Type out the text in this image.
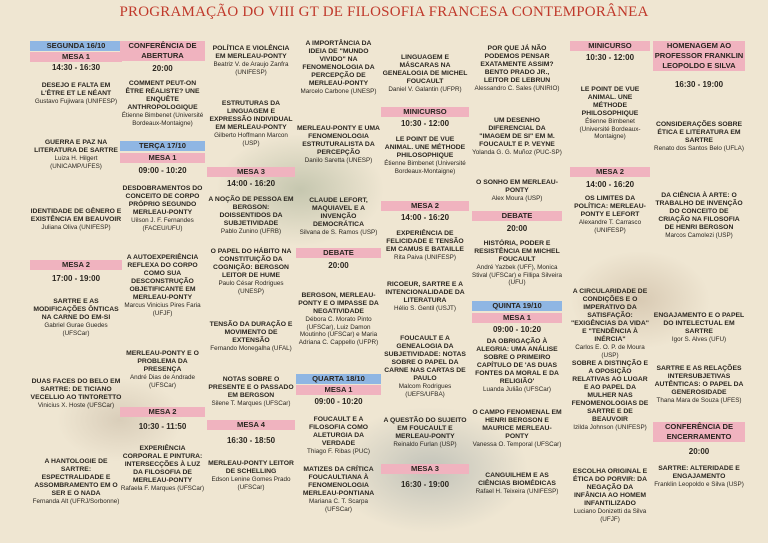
PROGRAMAÇÃO DO VIII GT DE FILOSOFIA FRANCESA CONTEMPORÂNEA
SEGUNDA 16/10
MESA 1
14:30 - 16:30
DESEJO E FALTA EM L'ÊTRE ET LE NÉANT
Gustavo Fujiwara (UNIFESP)
GUERRA E PAZ NA LITERATURA DE SARTRE
Luiza H. Hilgert (UNICAMP/UFES)
IDENTIDADE DE GÊNERO E EXISTÊNCIA EM BEAUVOIR
Juliana Oliva (UNIFESP)
MESA 2
17:00 - 19:00
SARTRE E AS MODIFICAÇÕES ÔNTICAS NA CARNE DO EM-SI
Gabriel Gurae Guedes (UFSCar)
DUAS FACES DO BELO EM SARTRE: DE TICIANO VECELLIO AO TINTORETTO
Vinicius X. Hoste (UFSCar)
A HANTOLOGIE DE SARTRE: ESPECTRALIDADE E ASSOMBRAMENTO EM O SER E O NADA
Fernanda Alt (UFRJ/Sorbonne)
CONFERÊNCIA DE ABERTURA
20:00
COMMENT PEUT-ON ÊTRE RÉALISTE? UNE ENQUÊTE ANTHROPOLOGIQUE
Étienne Bimbenet (Université Bordeaux-Montaigne)
TERÇA 17/10
MESA 1
09:00 - 10:20
DESDOBRAMENTOS DO CONCEITO DE CORPO PRÓPRIO SEGUNDO MERLEAU-PONTY
Uilson J. F. Fernandes (FACEU/UFU)
A AUTOEXPERIÊNCIA REFLEXA DO CORPO COMO SUA DESCONSTRUÇÃO OBJETIFICANTE EM MERLEAU-PONTY
Marcus Vinicius Pires Faria (UFJF)
MERLEAU-PONTY E O PROBLEMA DA PRESENÇA
André Dias de Andrade (UFSCar)
MESA 2
10:30 - 11:50
EXPERIÊNCIA CORPORAL E PINTURA: INTERSECÇÕES À LUZ DA FILOSOFIA DE MERLEAU-PONTY
Rafaela F. Marques (UFSCar)
POLÍTICA E VIOLÊNCIA EM MERLEAU-PONTY
Beatriz V. de Araujo Zanfra (UNIFESP)
ESTRUTURAS DA LINGUAGEM E EXPRESSÃO INDIVIDUAL EM MERLEAU-PONTY
Gilberto Hoffmann Marcon (USP)
MESA 3
14:00 - 16:20
A NOÇÃO DE PESSOA EM BERGSON: DOISSENTIDOS DA SUBJETIVIDADE
Pablo Zunino (UFRB)
O PAPEL DO HÁBITO NA CONSTITUIÇÃO DA COGNIÇÃO: BERGSON LEITOR DE HUME
Paulo César Rodrigues (UNESP)
TENSÃO DA DURAÇÃO E MOVIMENTO DE EXTENSÃO
Fernando Monegalha (UFAL)
NOTAS SOBRE O PRESENTE E O PASSADO EM BERGSON
Silene T. Marques (UFSCar)
MESA 4
16:30 - 18:50
MERLEAU-PONTY LEITOR DE SCHELLING
Edson Lenine Gomes Prado (UFSCar)
A IMPORTÂNCIA DA IDEIA DE "MUNDO VIVIDO" NA FENOMENOLOGIA DA PERCEPÇÃO DE MERLEAU-PONTY
Marcelo Carbone (UNESP)
MERLEAU-PONTY E UMA FENOMENOLOGIA ESTRUTURALISTA DA PERCEPÇÃO
Danilo Saretta (UNESP)
CLAUDE LEFORT, MAQUIAVEL E A INVENÇÃO DEMOCRÁTICA
Silvana de S. Ramos (USP)
DEBATE
20:00
BERGSON, MERLEAU-PONTY E O IMPASSE DA NEGATIVIDADE
Débora C. Morato Pinto (UFSCar), Luiz Damon Moutinho (UFSCar) e Maria Adriana C. Cappello (UFPR)
QUARTA 18/10
MESA 1
09:00 - 10:20
FOUCAULT E A FILOSOFIA COMO ALETURGIA DA VERDADE
Thiago F. Ribas (PUC)
MATIZES DA CRÍTICA FOUCAULTIANA À FENOMENOLOGIA MERLEAU-PONTIANA
Mariana C. T. Scarpa (UFSCar)
LINGUAGEM E MÁSCARAS NA GENEALOGIA DE MICHEL FOUCAULT
Daniel V. Galantin (UFPR)
MINICURSO
10:30 - 12:00
LE POINT DE VUE ANIMAL. UNE MÉTHODE PHILOSOPHIQUE
Étienne Bimbenet (Université Bordeaux-Montaigne)
MESA 2
14:00 - 16:20
EXPERIÊNCIA DE FELICIDADE E TENSÃO EM CAMUS E BATAILLE
Rita Paiva (UNIFESP)
RICOEUR, SARTRE E A INTENCIONALIDADE DA LITERATURA
Hélio S. Gentil (USJT)
FOUCAULT E A GENEALOGIA DA SUBJETIVIDADE: NOTAS SOBRE O PAPEL DA CARNE NAS CARTAS DE PAULO
Malcom Rodrigues (UEFS/UFBA)
A QUESTÃO DO SUJEITO EM FOUCAULT E MERLEAU-PONTY
Reinaldo Furlan (USP)
MESA 3
16:30 - 19:00
POR QUE JÁ NÃO PODEMOS PENSAR EXATAMENTE ASSIM? BENTO PRADO JR., LEITOR DE LEBRUN
Alessandro C. Sales (UNIRIO)
UM DESENHO DIFERENCIAL DA "IMAGEM DE SI" EM M. FOUCAULT E P. VEYNE
Yolanda G. G. Muñoz (PUC-SP)
O SONHO EM MERLEAU-PONTY
Alex Moura (USP)
DEBATE
20:00
HISTÓRIA, PODER E RESISTÊNCIA EM MICHEL FOUCAULT
André Yazbek (UFF), Monica Stival (UFSCar) e Fillipa Silveira (UFU)
QUINTA 19/10
MESA 1
09:00 - 10:20
DA OBRIGAÇÃO À ALEGRIA: UMA ANÁLISE SOBRE O PRIMEIRO CAPÍTULO DE 'AS DUAS FONTES DA MORAL E DA RELIGIÃO'
Luanda Julião (UFSCar)
O CAMPO FENOMENAL EM HENRI BERGSON E MAURICE MERLEAU-PONTY
Vanessa O. Temporal (UFSCar)
CANGUILHEM E AS CIÊNCIAS BIOMÉDICAS
Rafael H. Teixeira (UNIFESP)
MINICURSO
10:30 - 12:00
LE POINT DE VUE ANIMAL. UNE MÉTHODE PHILOSOPHIQUE
Étienne Bimbenet (Université Bordeaux-Montaigne)
MESA 2
14:00 - 16:20
OS LIMITES DA POLÍTICA: MERLEAU-PONTY E LEFORT
Alexandre T. Carrasco (UNIFESP)
A CIRCULARIDADE DE CONDIÇÕES E O IMPERATIVO DA SATISFAÇÃO: "EXIGÊNCIAS DA VIDA" E "TENDÊNCIA À INÉRCIA"
Carlos E. O. P. de Moura (USP)
SOBRE A DISTINÇÃO E A OPOSIÇÃO RELATIVAS AO LUGAR E AO PAPEL DA MULHER NAS FENOMENOLOGIAS DE SARTRE E DE BEAUVOIR
Izilda Johnson (UNIFESP)
ESCOLHA ORIGINAL E ÉTICA DO PORVIR: DA NEGAÇÃO DA INFÂNCIA AO HOMEM INFANTILIZADO
Luciano Donizetti da Silva (UFJF)
HOMENAGEM AO PROFESSOR FRANKLIN LEOPOLDO E SILVA
16:30 - 19:00
CONSIDERAÇÕES SOBRE ÉTICA E LITERATURA EM SARTRE
Renato dos Santos Belo (UFLA)
DA CIÊNCIA À ARTE: O TRABALHO DE INVENÇÃO DO CONCEITO DE CRIAÇÃO NA FILOSOFIA DE HENRI BERGSON
Marcos Camolezi (USP)
ENGAJAMENTO E O PAPEL DO INTELECTUAL EM SARTRE
Igor S. Alves (UFU)
SARTRE E AS RELAÇÕES INTERSUBJETIVAS AUTÊNTICAS: O PAPEL DA GENEROSIDADE
Thana Mara de Souza (UFES)
CONFERÊNCIA DE ENCERRAMENTO
20:00
SARTRE: ALTERIDADE E ENGAJAMENTO
Franklin Leopoldo e Silva (USP)
